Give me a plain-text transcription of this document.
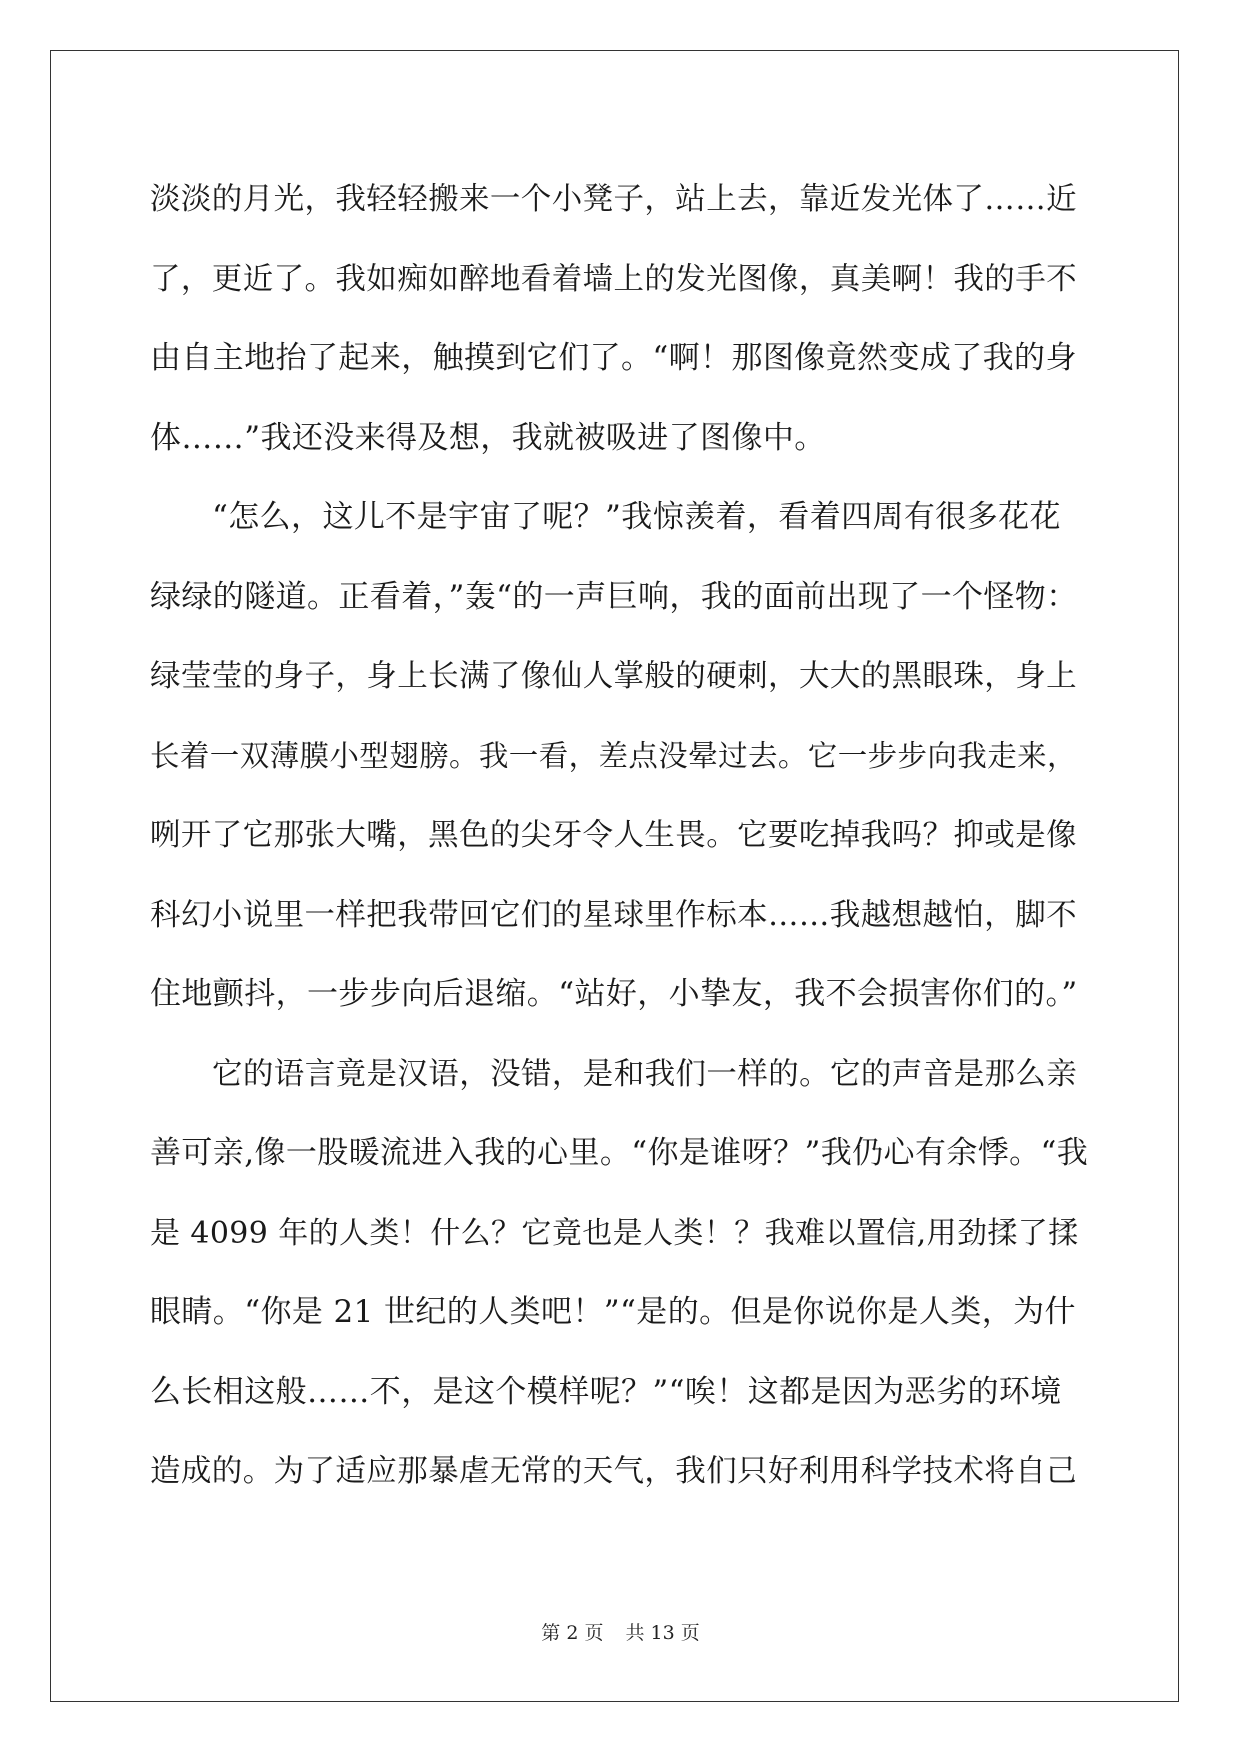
淡淡的月光，我轻轻搬来一个小凳子，站上去，靠近发光体了……近
了，更近了。我如痴如醉地看着墙上的发光图像，真美啊！我的手不
由自主地抬了起来，触摸到它们了。“啊！那图像竟然变成了我的身
体……”我还没来得及想，我就被吸进了图像中。
“怎么，这儿不是宇宙了呢？”我惊羡着，看着四周有很多花花
绿绿的隧道。正看着，”轰“的一声巨响，我的面前出现了一个怪物：
绿莹莹的身子，身上长满了像仙人掌般的硬刺，大大的黑眼珠，身上
长着一双薄膜小型翅膀。我一看，差点没晕过去。它一步步向我走来，
咧开了它那张大嘴，黑色的尖牙令人生畏。它要吃掉我吗？抑或是像
科幻小说里一样把我带回它们的星球里作标本……我越想越怕，脚不
住地颤抖，一步步向后退缩。“站好，小挚友，我不会损害你们的。”
它的语言竟是汉语，没错，是和我们一样的。它的声音是那么亲
善可亲,像一股暖流进入我的心里。“你是谁呀？”我仍心有余悸。“我
是 4099 年的人类！什么？它竟也是人类！？我难以置信,用劲揉了揉
眼睛。“你是 21 世纪的人类吧！”“是的。但是你说你是人类，为什
么长相这般……不，是这个模样呢？”“唉！这都是因为恶劣的环境
造成的。为了适应那暴虐无常的天气，我们只好利用科学技术将自己
第 2 页 共 13 页
